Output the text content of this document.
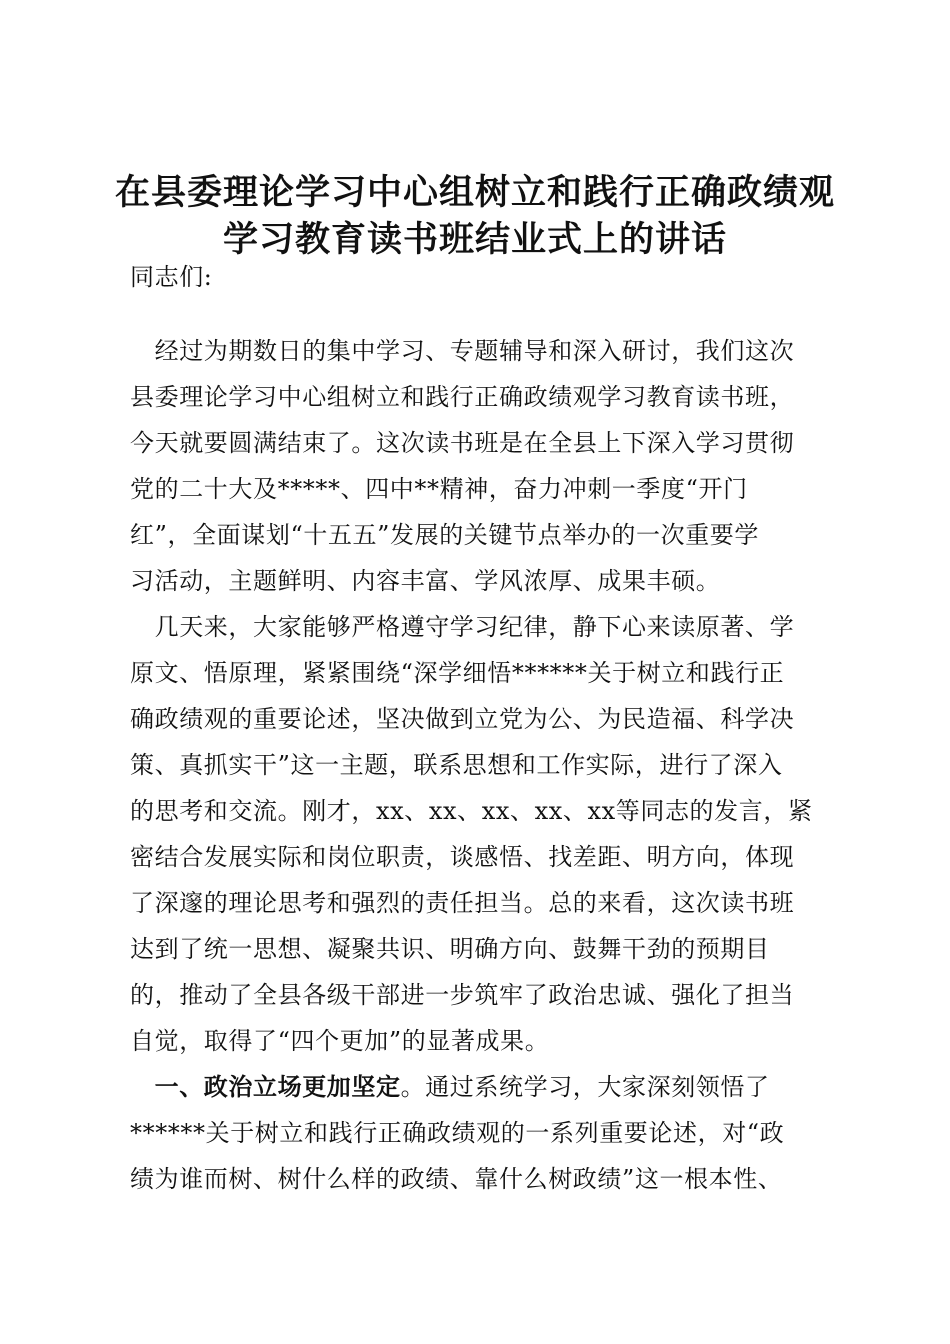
在县委理论学习中心组树立和践行正确政绩观
学习教育读书班结业式上的讲话
同志们:
　经过为期数日的集中学习、专题辅导和深入研讨，我们这次
县委理论学习中心组树立和践行正确政绩观学习教育读书班，
今天就要圆满结束了。这次读书班是在全县上下深入学习贯彻
党的二十大及*****、四中**精神，奋力冲刺一季度“开门
红”，全面谋划“十五五”发展的关键节点举办的一次重要学
习活动，主题鲜明、内容丰富、学风浓厚、成果丰硕。
　几天来，大家能够严格遵守学习纪律，静下心来读原著、学
原文、悟原理，紧紧围绕“深学细悟******关于树立和践行正
确政绩观的重要论述，坚决做到立党为公、为民造福、科学决
策、真抓实干”这一主题，联系思想和工作实际，进行了深入
的思考和交流。刚才，xx、xx、xx、xx、xx等同志的发言，紧
密结合发展实际和岗位职责，谈感悟、找差距、明方向，体现
了深邃的理论思考和强烈的责任担当。总的来看，这次读书班
达到了统一思想、凝聚共识、明确方向、鼓舞干劲的预期目
的，推动了全县各级干部进一步筑牢了政治忠诚、强化了担当
自觉，取得了“四个更加”的显著成果。
　一、政治立场更加坚定。通过系统学习，大家深刻领悟了
******关于树立和践行正确政绩观的一系列重要论述，对“政
绩为谁而树、树什么样的政绩、靠什么树政绩”这一根本性、
